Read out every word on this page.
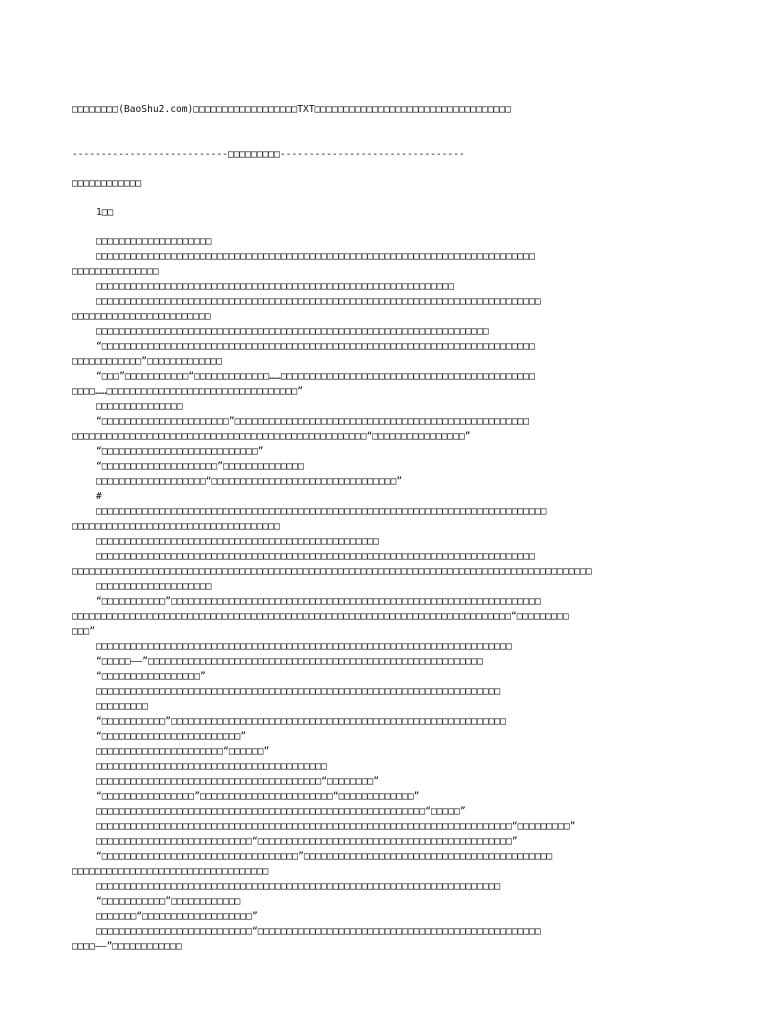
□□□□□□□□(BaoShu2.com)□□□□□□□□□□□□□□□□□□TXT□□□□□□□□□□□□□□□□□□□□□□□□□□□□□□□□□□

---------------------------□□□□□□□□□--------------------------------

□□□□□□□□□□□□
1□□
□□□□□□□□□□□□□□□□□□□□
□□□□□□□□□□□□□□□□□□□□□□□□□□□□□□□□□□□□□□□□□□□□□□□□□□□□□□□□□□□□□□□□□□□□□□□□□□□□
□□□□□□□□□□□□□□□
□□□□□□□□□□□□□□□□□□□□□□□□□□□□□□□□□□□□□□□□□□□□□□□□□□□□□□□□□□□□□□
□□□□□□□□□□□□□□□□□□□□□□□□□□□□□□□□□□□□□□□□□□□□□□□□□□□□□□□□□□□□□□□□□□□□□□□□□□□□□
□□□□□□□□□□□□□□□□□□□□□□□□
□□□□□□□□□□□□□□□□□□□□□□□□□□□□□□□□□□□□□□□□□□□□□□□□□□□□□□□□□□□□□□□□□□□□
“□□□□□□□□□□□□□□□□□□□□□□□□□□□□□□□□□□□□□□□□□□□□□□□□□□□□□□□□□□□□□□□□□□□□□□□□□□□
□□□□□□□□□□□□”□□□□□□□□□□□□□
“□□□”□□□□□□□□□□□“□□□□□□□□□□□□□……□□□□□□□□□□□□□□□□□□□□□□□□□□□□□□□□□□□□□□□□□□□□
□□□□……□□□□□□□□□□□□□□□□□□□□□□□□□□□□□□□□□”
□□□□□□□□□□□□□□□
“□□□□□□□□□□□□□□□□□□□□□□”□□□□□□□□□□□□□□□□□□□□□□□□□□□□□□□□□□□□□□□□□□□□□□□□□□□
□□□□□□□□□□□□□□□□□□□□□□□□□□□□□□□□□□□□□□□□□□□□□□□□□□□“□□□□□□□□□□□□□□□□”
“□□□□□□□□□□□□□□□□□□□□□□□□□□□”
“□□□□□□□□□□□□□□□□□□□□”□□□□□□□□□□□□□□
□□□□□□□□□□□□□□□□□□□“□□□□□□□□□□□□□□□□□□□□□□□□□□□□□□□□”
#
□□□□□□□□□□□□□□□□□□□□□□□□□□□□□□□□□□□□□□□□□□□□□□□□□□□□□□□□□□□□□□□□□□□□□□□□□□□□□□
□□□□□□□□□□□□□□□□□□□□□□□□□□□□□□□□□□□□
□□□□□□□□□□□□□□□□□□□□□□□□□□□□□□□□□□□□□□□□□□□□□□□□□
□□□□□□□□□□□□□□□□□□□□□□□□□□□□□□□□□□□□□□□□□□□□□□□□□□□□□□□□□□□□□□□□□□□□□□□□□□□□
□□□□□□□□□□□□□□□□□□□□□□□□□□□□□□□□□□□□□□□□□□□□□□□□□□□□□□□□□□□□□□□□□□□□□□□□□□□□□□□□□□□□□□□□□□
□□□□□□□□□□□□□□□□□□□□
“□□□□□□□□□□□”□□□□□□□□□□□□□□□□□□□□□□□□□□□□□□□□□□□□□□□□□□□□□□□□□□□□□□□□□□□□□□□□
□□□□□□□□□□□□□□□□□□□□□□□□□□□□□□□□□□□□□□□□□□□□□□□□□□□□□□□□□□□□□□□□□□□□□□□□□□□□“□□□□□□□□□
□□□”
□□□□□□□□□□□□□□□□□□□□□□□□□□□□□□□□□□□□□□□□□□□□□□□□□□□□□□□□□□□□□□□□□□□□□□□□
“□□□□□——”□□□□□□□□□□□□□□□□□□□□□□□□□□□□□□□□□□□□□□□□□□□□□□□□□□□□□□□□□□
“□□□□□□□□□□□□□□□□□”
□□□□□□□□□□□□□□□□□□□□□□□□□□□□□□□□□□□□□□□□□□□□□□□□□□□□□□□□□□□□□□□□□□□□□□
□□□□□□□□□
“□□□□□□□□□□□”□□□□□□□□□□□□□□□□□□□□□□□□□□□□□□□□□□□□□□□□□□□□□□□□□□□□□□□□□□
“□□□□□□□□□□□□□□□□□□□□□□□□”
□□□□□□□□□□□□□□□□□□□□□□“□□□□□□”
□□□□□□□□□□□□□□□□□□□□□□□□□□□□□□□□□□□□□□□□
□□□□□□□□□□□□□□□□□□□□□□□□□□□□□□□□□□□□□□□“□□□□□□□□”
“□□□□□□□□□□□□□□□□”□□□□□□□□□□□□□□□□□□□□□□□“□□□□□□□□□□□□□”
□□□□□□□□□□□□□□□□□□□□□□□□□□□□□□□□□□□□□□□□□□□□□□□□□□□□□□□□□“□□□□□”
□□□□□□□□□□□□□□□□□□□□□□□□□□□□□□□□□□□□□□□□□□□□□□□□□□□□□□□□□□□□□□□□□□□□□□□□“□□□□□□□□□”
□□□□□□□□□□□□□□□□□□□□□□□□□□□“□□□□□□□□□□□□□□□□□□□□□□□□□□□□□□□□□□□□□□□□□□□□”
“□□□□□□□□□□□□□□□□□□□□□□□□□□□□□□□□□□”□□□□□□□□□□□□□□□□□□□□□□□□□□□□□□□□□□□□□□□□□□□
□□□□□□□□□□□□□□□□□□□□□□□□□□□□□□□□□□
□□□□□□□□□□□□□□□□□□□□□□□□□□□□□□□□□□□□□□□□□□□□□□□□□□□□□□□□□□□□□□□□□□□□□□
“□□□□□□□□□□□”□□□□□□□□□□□□
□□□□□□□“□□□□□□□□□□□□□□□□□□□”
□□□□□□□□□□□□□□□□□□□□□□□□□□□“□□□□□□□□□□□□□□□□□□□□□□□□□□□□□□□□□□□□□□□□□□□□□□□□□
□□□□——”□□□□□□□□□□□□
